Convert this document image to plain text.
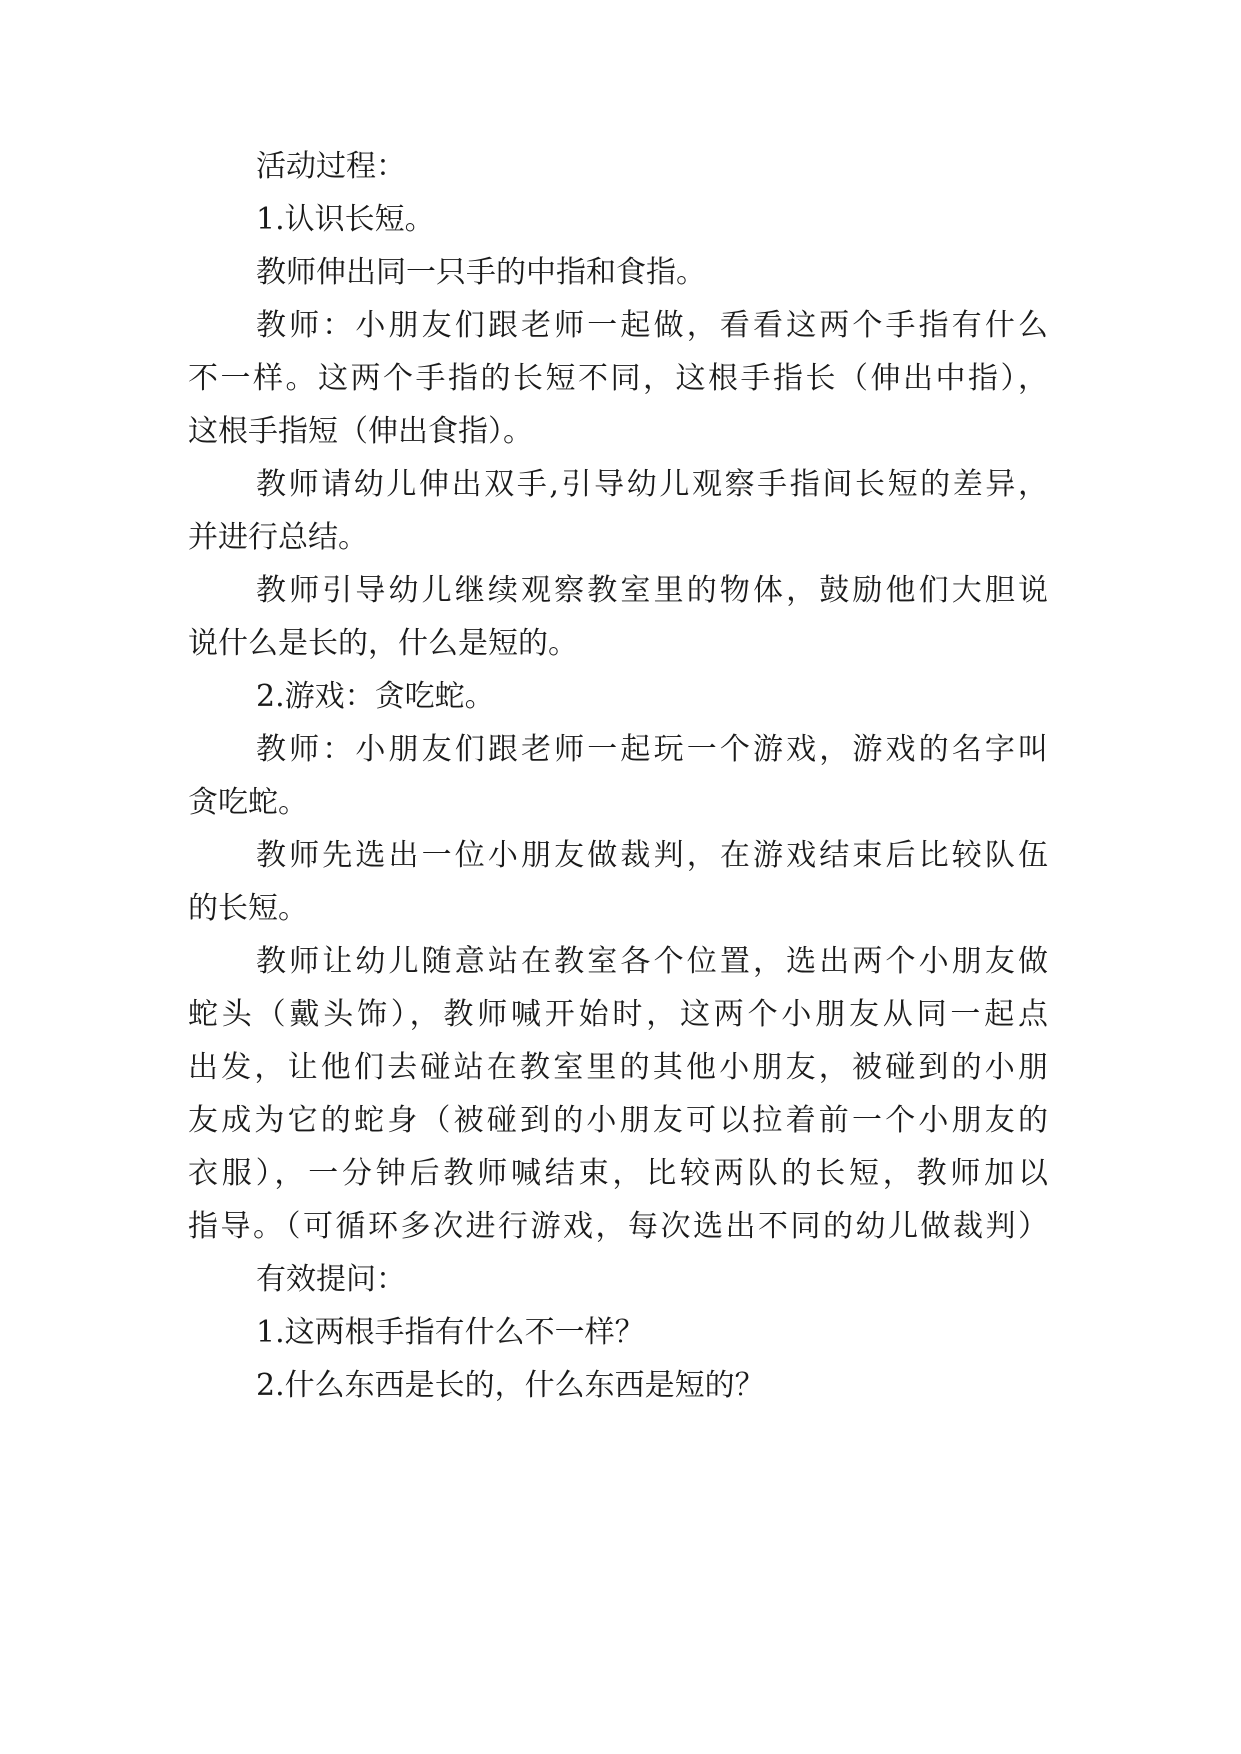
活动过程：
1.认识长短。
教师伸出同一只手的中指和食指。
教师：小朋友们跟老师一起做，看看这两个手指有什么
不一样。这两个手指的长短不同，这根手指长（伸出中指），
这根手指短（伸出食指）。
教师请幼儿伸出双手,引导幼儿观察手指间长短的差异，
并进行总结。
教师引导幼儿继续观察教室里的物体，鼓励他们大胆说
说什么是长的，什么是短的。
2.游戏：贪吃蛇。
教师：小朋友们跟老师一起玩一个游戏，游戏的名字叫
贪吃蛇。
教师先选出一位小朋友做裁判，在游戏结束后比较队伍
的长短。
教师让幼儿随意站在教室各个位置，选出两个小朋友做
蛇头（戴头饰），教师喊开始时，这两个小朋友从同一起点
出发，让他们去碰站在教室里的其他小朋友，被碰到的小朋
友成为它的蛇身（被碰到的小朋友可以拉着前一个小朋友的
衣服），一分钟后教师喊结束，比较两队的长短，教师加以
指导。（可循环多次进行游戏，每次选出不同的幼儿做裁判）
有效提问：
1.这两根手指有什么不一样？
2.什么东西是长的，什么东西是短的？
